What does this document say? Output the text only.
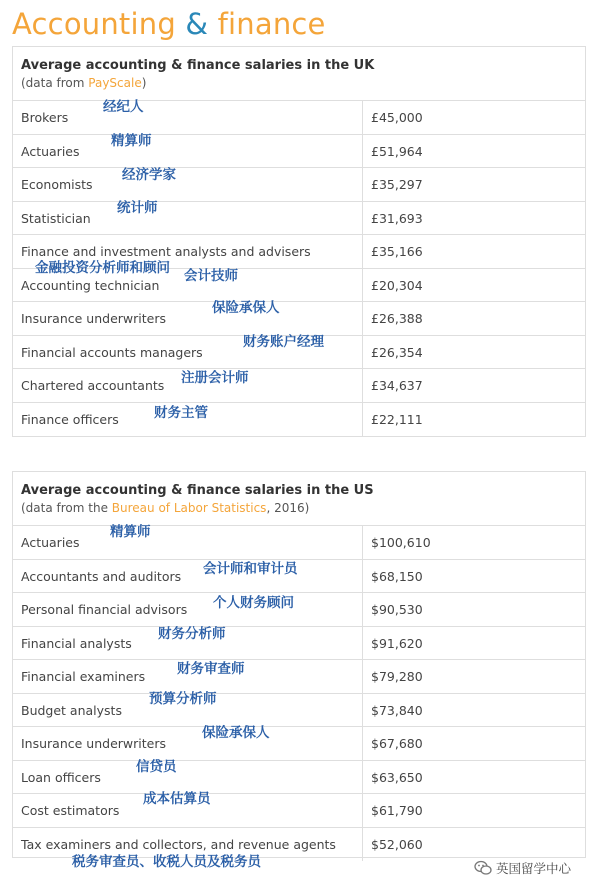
Accounting & finance
Average accounting & finance salaries in the UK
(data from PayScale)
Brokers	£45,000
经纪人
Actuaries	£51,964
精算师
Economists	£35,297
经济学家
Statistician	£31,693
统计师
Finance and investment analysts and advisers	£35,166
金融投资分析师和顾问
Accounting technician	£20,304
会计技师
Insurance underwriters	£26,388
保险承保人
Financial accounts managers	£26,354
财务账户经理
Chartered accountants	£34,637
注册会计师
Finance officers	£22,111
财务主管
Average accounting & finance salaries in the US
(data from the Bureau of Labor Statistics, 2016)
Actuaries	$100,610
精算师
Accountants and auditors	$68,150
会计师和审计员
Personal financial advisors	$90,530
个人财务顾问
Financial analysts	$91,620
财务分析师
Financial examiners	$79,280
财务审查师
Budget analysts	$73,840
预算分析师
Insurance underwriters	$67,680
保险承保人
Loan officers	$63,650
信贷员
Cost estimators	$61,790
成本估算员
Tax examiners and collectors, and revenue agents	$52,060
税务审查员、收税人员及税务员	英国留学中心
